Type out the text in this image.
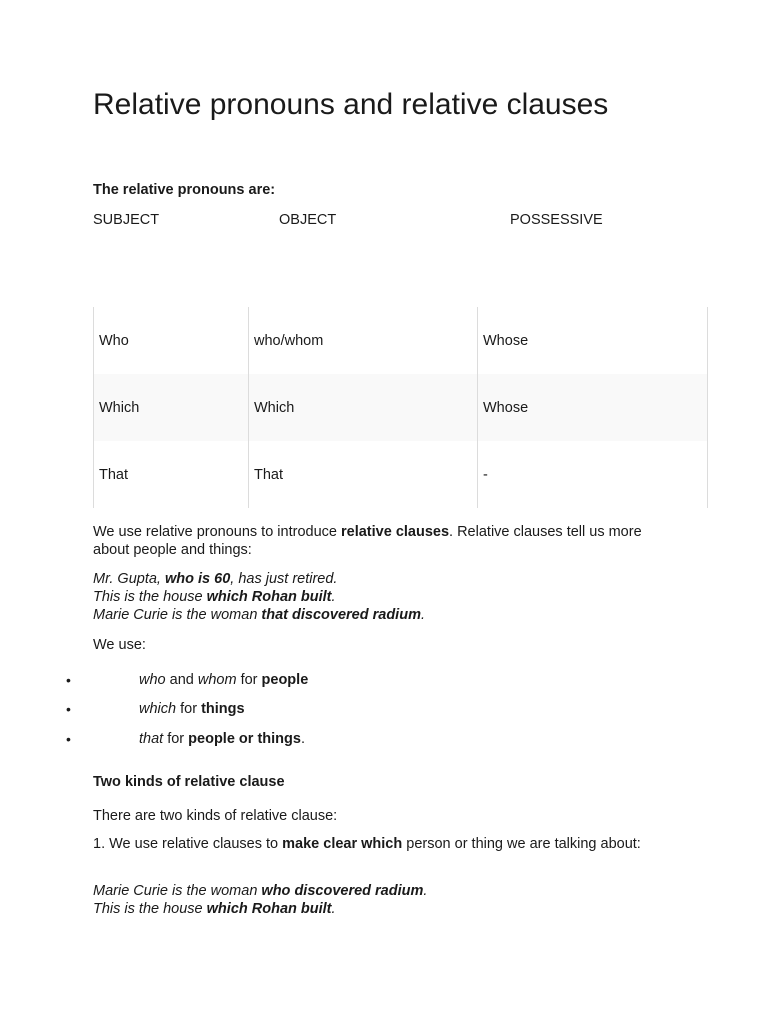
Relative pronouns and relative clauses
The relative pronouns are:
SUBJECT	OBJECT	POSSESSIVE
Who	who/whom	Whose
Which	Which	Whose
That	That	-
We use relative pronouns to introduce relative clauses. Relative clauses tell us more about people and things:
Mr. Gupta, who is 60, has just retired.
This is the house which Rohan built.
Marie Curie is the woman that discovered radium.
We use:
•	who and whom for people
•	which for things
•	that for people or things.
Two kinds of relative clause
There are two kinds of relative clause:
1. We use relative clauses to make clear which person or thing we are talking about:
Marie Curie is the woman who discovered radium.
This is the house which Rohan built.
